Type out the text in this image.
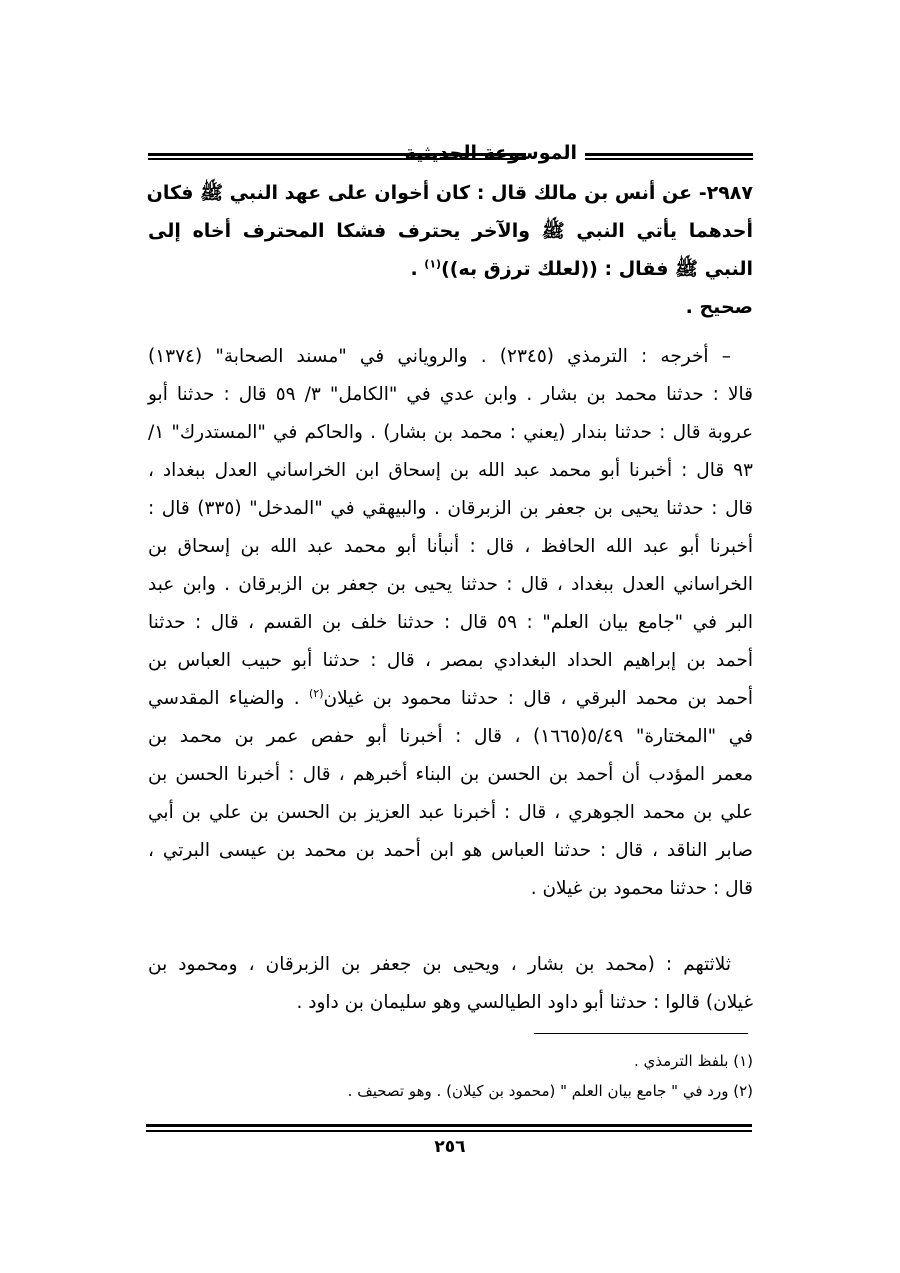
الموسوعة الحديثية
٢٩٨٧- عن أنس بن مالك قال : كان أخوان على عهد النبي ﷺ فكان
أحدهما يأتي النبي ﷺ والآخر يحترف فشكا المحترف أخاه إلى
النبي ﷺ فقال : ((لعلك ترزق به))$^{(١)}$ .
صحيح .
– أخرجه : الترمذي (٢٣٤٥) . والروياني في "مسند الصحابة" (١٣٧٤)
قالا : حدثنا محمد بن بشار . وابن عدي في "الكامل" ٣/ ٥٩ قال : حدثنا أبو
عروبة قال : حدثنا بندار (يعني : محمد بن بشار) . والحاكم في "المستدرك" ١/
٩٣ قال : أخبرنا أبو محمد عبد الله بن إسحاق ابن الخراساني العدل ببغداد ،
قال : حدثنا يحيى بن جعفر بن الزبرقان . والبيهقي في "المدخل" (٣٣٥) قال :
أخبرنا أبو عبد الله الحافظ ، قال : أنبأنا أبو محمد عبد الله بن إسحاق بن
الخراساني العدل ببغداد ، قال : حدثنا يحيى بن جعفر بن الزبرقان . وابن عبد
البر في "جامع بيان العلم" : ٥٩ قال : حدثنا خلف بن القسم ، قال : حدثنا
أحمد بن إبراهيم الحداد البغدادي بمصر ، قال : حدثنا أبو حبيب العباس بن
أحمد بن محمد البرقي ، قال : حدثنا محمود بن غيلان$^{(٢)}$ . والضياء المقدسي
في "المختارة" ٥/٤٩(١٦٦٥) ، قال : أخبرنا أبو حفص عمر بن محمد بن
معمر المؤدب أن أحمد بن الحسن بن البناء أخبرهم ، قال : أخبرنا الحسن بن
علي بن محمد الجوهري ، قال : أخبرنا عبد العزيز بن الحسن بن علي بن أبي
صابر الناقد ، قال : حدثنا العباس هو ابن أحمد بن محمد بن عيسى البرتي ،
قال : حدثنا محمود بن غيلان .
ثلاثتهم : (محمد بن بشار ، ويحيى بن جعفر بن الزبرقان ، ومحمود بن
غيلان) قالوا : حدثنا أبو داود الطيالسي وهو سليمان بن داود .
(١) بلفظ الترمذي .
(٢) ورد في " جامع بيان العلم " (محمود بن كيلان) . وهو تصحيف .
٢٥٦
